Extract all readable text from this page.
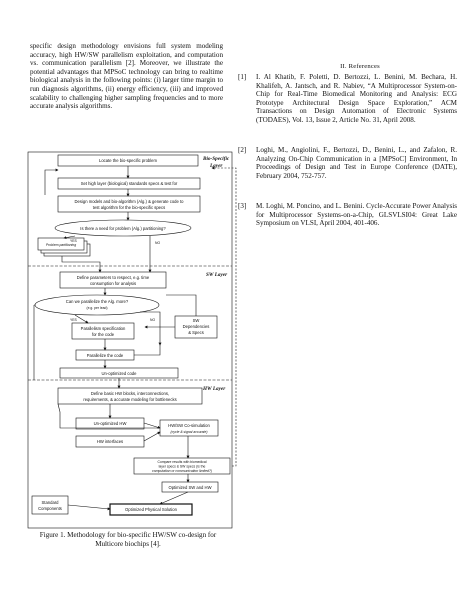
specific design methodology envisions full system modeling accuracy, high HW/SW parallelism exploitation, and computation vs. communication parallelism [2]. Moreover, we illustrate the potential advantages that MPSoC technology can bring to realtime biological analysis in the following points: (i) larger time margin to run diagnosis algorithms, (ii) energy efficiency, (iii) and improved scalability to challenging higher sampling frequencies and to more accurate analysis algorithms.

II. References
[1] I. Al Khatib, F. Poletti, D. Bertozzi, L. Benini, M. Bechara, H. Khalifeh, A. Jantsch, and R. Nabiev, “A Multiprocessor System-on-Chip for Real-Time Biomedical Monitoring and Analysis: ECG Prototype Architectural Design Space Exploration,” ACM Transactions on Design Automation of Electronic Systems (TODAES), Vol. 13, Issue 2, Article No. 31, April 2008.
[2] Loghi, M., Angiolini, F., Bertozzi, D., Benini, L., and Zafalon, R. Analyzing On-Chip Communication in a [MPSoC] Environment, In Proceedings of Design and Test in Europe Conference (DATE), February 2004, 752-757.
[3] M. Loghi, M. Poncino, and L. Benini. Cycle-Accurate Power Analysis for Multiprocessor Systems-on-a-Chip, GLSVLSI04: Great Lake Symposium on VLSI, April 2004, 401-406.
Bio-Specific
Layer
SW Layer
HW Layer
Locate the bio-specific problem
Set high layer (biological) standards specs & test for
Design models and bio-algorithm (Alg.) & generate code to
test algorithm for the bio-specific specs
Is there a need for problem (Alg.) partitioning?
YES	NO
Problem partitioning
Define parameters to respect, e.g. time
consumption for analysis
Can we parallelize the Alg. more?
(e.g. per lead)
YES	NO
Parallelism specification
for the code
Parallelize the code
SW
Dependencies
& Specs
Un-optimized code
Define basic HW blocks, interconnections,
requirements, & accurate modeling for bottlenecks
Un-optimized HW
HW interfaces
HW/SW Co-simulation
(cycle & signal accurate)
Compare results with biomedical
layer specs & SW specs (is the
computation or communication limited?)
Optimized SW and HW
Standard
Components	Optimized Physical Solution
Figure 1. Methodology for bio-specific HW/SW co-design for Multicore biochips [4].
